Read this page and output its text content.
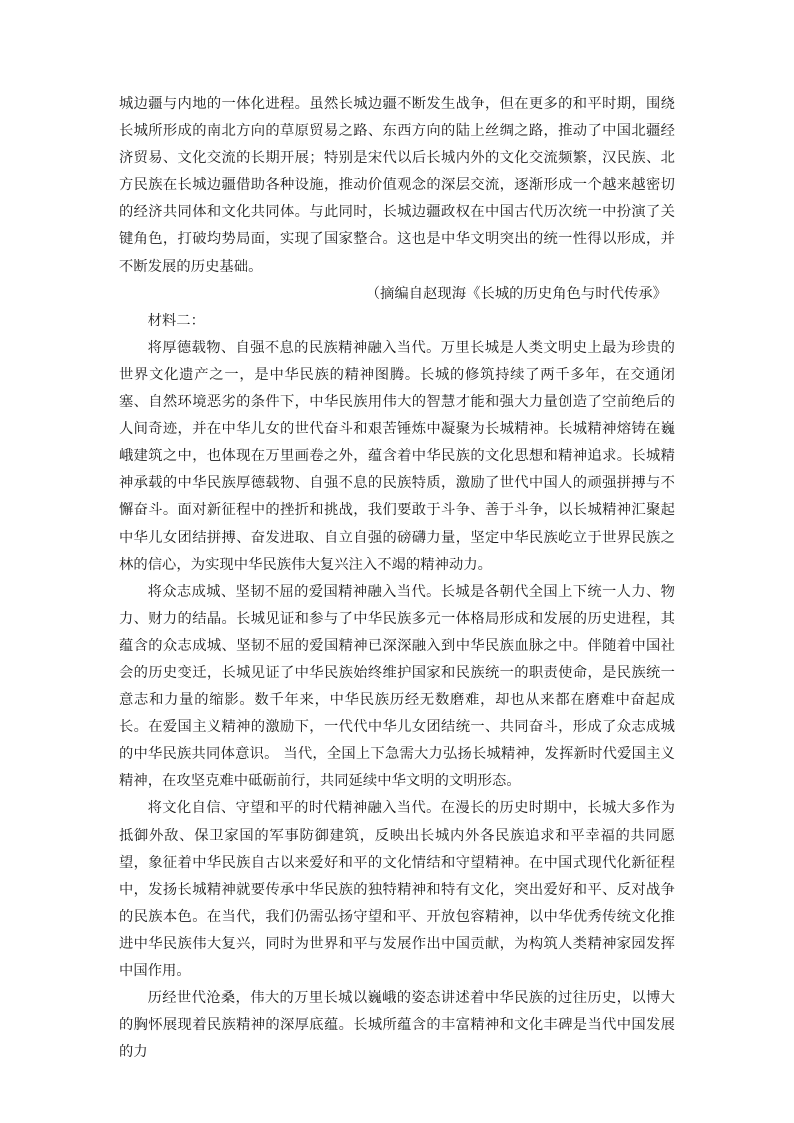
城边疆与内地的一体化进程。虽然长城边疆不断发生战争，但在更多的和平时期，围绕长城所形成的南北方向的草原贸易之路、东西方向的陆上丝绸之路，推动了中国北疆经济贸易、文化交流的长期开展；特别是宋代以后长城内外的文化交流频繁，汉民族、北方民族在长城边疆借助各种设施，推动价值观念的深层交流，逐渐形成一个越来越密切的经济共同体和文化共同体。与此同时，长城边疆政权在中国古代历次统一中扮演了关键角色，打破均势局面，实现了国家整合。这也是中华文明突出的统一性得以形成，并不断发展的历史基础。

（摘编自赵现海《长城的历史角色与时代传承》

材料二：

将厚德载物、自强不息的民族精神融入当代。万里长城是人类文明史上最为珍贵的世界文化遗产之一，是中华民族的精神图腾。长城的修筑持续了两千多年，在交通闭塞、自然环境恶劣的条件下，中华民族用伟大的智慧才能和强大力量创造了空前绝后的人间奇迹，并在中华儿女的世代奋斗和艰苦锤炼中凝聚为长城精神。长城精神熔铸在巍峨建筑之中，也体现在万里画卷之外，蕴含着中华民族的文化思想和精神追求。长城精神承载的中华民族厚德载物、自强不息的民族特质，激励了世代中国人的顽强拼搏与不懈奋斗。面对新征程中的挫折和挑战，我们要敢于斗争、善于斗争，以长城精神汇聚起中华儿女团结拼搏、奋发进取、自立自强的磅礴力量，坚定中华民族屹立于世界民族之林的信心，为实现中华民族伟大复兴注入不竭的精神动力。

将众志成城、坚韧不屈的爱国精神融入当代。长城是各朝代全国上下统一人力、物力、财力的结晶。长城见证和参与了中华民族多元一体格局形成和发展的历史进程，其蕴含的众志成城、坚韧不屈的爱国精神已深深融入到中华民族血脉之中。伴随着中国社会的历史变迁，长城见证了中华民族始终维护国家和民族统一的职责使命，是民族统一意志和力量的缩影。数千年来，中华民族历经无数磨难，却也从来都在磨难中奋起成长。在爱国主义精神的激励下，一代代中华儿女团结统一、共同奋斗，形成了众志成城的中华民族共同体意识。 当代，全国上下急需大力弘扬长城精神，发挥新时代爱国主义精神，在攻坚克难中砥砺前行，共同延续中华文明的文明形态。

将文化自信、守望和平的时代精神融入当代。在漫长的历史时期中，长城大多作为抵御外敌、保卫家国的军事防御建筑，反映出长城内外各民族追求和平幸福的共同愿望，象征着中华民族自古以来爱好和平的文化情结和守望精神。在中国式现代化新征程中，发扬长城精神就要传承中华民族的独特精神和特有文化，突出爱好和平、反对战争的民族本色。在当代，我们仍需弘扬守望和平、开放包容精神，以中华优秀传统文化推进中华民族伟大复兴，同时为世界和平与发展作出中国贡献，为构筑人类精神家园发挥中国作用。

历经世代沧桑，伟大的万里长城以巍峨的姿态讲述着中华民族的过往历史，以博大的胸怀展现着民族精神的深厚底蕴。长城所蕴含的丰富精神和文化丰碑是当代中国发展的力
